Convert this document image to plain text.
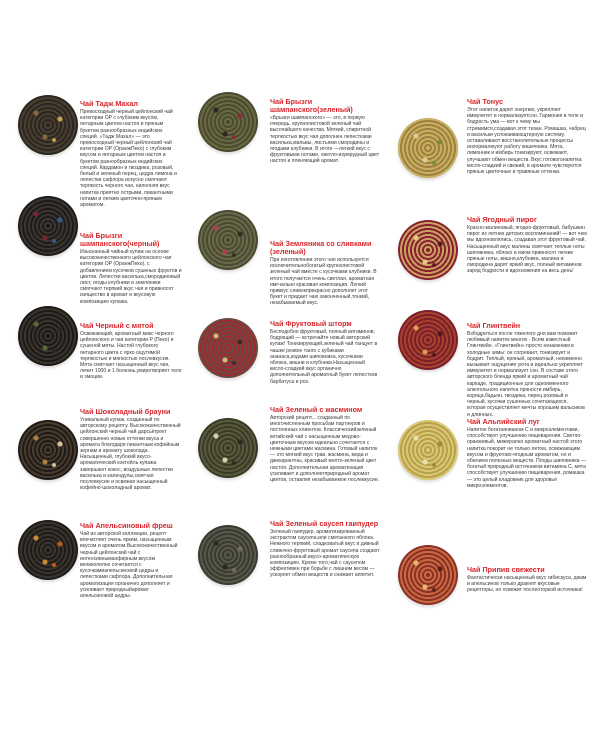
Чай Тадж Махал
Превосходный черный цейлонский чай категории OP с глубоким вкусом, янтарным цветом настоя и пряным букетом разнообразных индийских специй. «Тадж Махал» — это превосходный черный цейлонский чай категории OP (ОранжПеко) с глубоким вкусом и янтарным цветом настоя и букетом разнообразных индийских специй. Кардамон и гвоздика, розовый, белый и зеленый перец, цедра лимона и лепестки сафлора искусно смягчают терпкость черного чая, наполняя вкус напитка приятно острыми, пикантными нотами и легким цветочно-пряным ароматом.
Чай Брызги шампанского(черный)
Изысканный чайный купаж на основе высококачественного цейлонского чая категории OP (ОранжПеко), с добавлением кусочков сушеных фруктов и цветов. Лепестки василька,смородиновый лист, ягоды клубники и земляники смягчают терпкий вкус чая и привносят изящество в аромат и вкусовую композицию купажа.
Чай Черный с мятой
Освежающий, ароматный микс черного цейлонского и чая категории P (Пеко) и сушеной мяты. Настой глубокого янтарного цвета с ярко ощутимой терпкостью и мягкостью послевкусия. Мята смягчает насыщенный вкус чая, лечит 1000 и 1 болезнь,умиротворяет тело и эмоции.
Чай Шоколадный брауни
Уникальный купаж, созданный по авторскому рецепту. Высококачественный цейлонский черный чай дарсьёгрект совершенно новые оттенки вкуса и аромата благодаря пикантным кофейным зернам и аромату шоколада. Насыщенный, глубокий вкусо-ароматический коктейль купажа завершают кокос, воздушные лепестки василька и календулы,смягчая послевкусие и освежая насыщенный кофейно-шоколадный аромат.
Чай Апельсиновый фреш
Чай из авторской коллекции, рецепт впечатляет очень ярким, насыщенным вкусом и ароматом.Высококачественный черный цейлонский чай с интенсивныманфирным вкусом великолепно сочетается с кусочкамиапельсиновой цедры и лепестками сафлора. Дополнительная ароматизация органично дополняет и усиливает природныйаромат апельсиновой цедры.
Чай Брызги шампанского(зеленый)
«Брызги шампанского» — это, в первую очередь, крупнолистовой зеленый чай высочайшего качества. Мягкий, спиритной терпкостью вкус чая дополнен лепестками василька,мальвы, листьями смородины и ягодами клубники. В итоге —легкий вкус с фруктовыми нотами, светло-изумрудный цвет настоя и пленяющий аромат.
Чай Земляника со сливками (зеленый)
При изготовлении этого чая используется исключительнобогатый крупнолистовой зеленый чай вместе с кусочками клубники. В итого получается очень светлая, ароматная имгчально красивая композиция. Легкий привкус сливокпрекрасно дополняет этот букет и придает чаю законченный,тонкий, незабываемый вкус.
Чай Фруктовый шторм
Бесподобно фруктовый, полный витаминов, бодрящий — встречайте новый авторский купаж! Тонизирующий,зеленый чай танцует в чашке резвое танго с кубиками ананаса,кодами шиповника, кусочками яблока, вишни и клубники.Насыщенный кисло-сладкий вкус органично дополнительный ароматный букет лепестков барбатуса и роз.
Чай Зеленый с жасмином
Авторский рецепт... созданный по многочисленным просьбам партнеров и постоянных клиентов. Классическийзеленый китайский чай с насыщенным медово-цветочным вкусом идеально сочетается с нежными цветами жасмина. Готовый напиток — это мягкий вкус трав, жасмина, меда и джекарантны, красивый желто-зеленый цвет настоя. Дополнительная ароматизация усиливает и дополняетприродный аромат цветов, оставляя незабываемое послевкусие.
Чай Зеленый саусеп гаипудер
Зеленый гаипудер, ароматизированный экстрактом саусепа,или сметанного яблока. Нежного терпкий, сладковатый вкус и дивный сливочно-фруктовый аромат саусепа создают разнообразный вкусо-ароматическую композицию. Кроме того,чай с саусепом эффективен при борьбе с лишним весом — ускоряет обмен веществ и снижает аппетит.
Чай Тонус
Этот напиток дарит энергию, укрепляет иммунитет и нормализуетсон. Гармония в теле и бодрость ума — вот к чему мы стремимся,создавая этот тизан. Ромашка, чабрец и васильки успокаивающтерную систему, оставаливают восстанолительные процессы иноормалюуют работу кишечника. Мята, лимонник и имбирь тонизируют, освежают, улучшают обмен веществ. Вкус готовогонапитка кисло-сладкий и свежий, в аромате чувствуются пряные цветочные и травяные оттенки.
Чай Ягодный пирог
Красно-малиновый, ягодно-фруктовый, бабушкин пирог из летних детских воспоминаний! — вот чем мы вдохновлялись, создавая этот фруктовый чай. Насыщенный вкус малины смягчает теплые ноты шиповника, яблоко и изюм привносят легкие пряные ноты, вишня,клубника, малина и смородина дарят яркий вкус, полный витаминов заряд бодрости и вдохновения на весь день!
Чай Глинтвейн
Взбодриться после тяжелого дня вам поможет любимый напиток многих - Всем известный Глинтвейн. «Глинтвейн» просто незаменим в холодные зимы: он согревает, тонизирует и бодрит. Теплый, пряный, ароматный, неизменно вызывает ощущение уюта и идеально укрепляет иммунитет и нормализует сон. В составе этого авторского бленда яркий и ароматный чай каркаде, традиционные для одноименного алкогольного напитка пряности имбирь, корица,бадьян, гвоздика, перец розовый и черный, кусочки сушенных сочетающихся, которая осуществляет мечты хорошим вальсиков и длинных.
Чай Альпийский луг
Напиток богатаянианом С и микроэлементами, способствует улучшению пищеварения. Светло-оранжевый, мижерапно ароматный настой этого напитка покорит не только летом, освежающим вкусом и фруктово-ягодным ароматом, но и обилием полезных веществ. Плоды шиповника — богатый природный источником витамина С, мята способствует улучшению пищеварения, ромашка — это целый кладовник для здоровья микроэлементов.
Чай Припив свежести
Фантастически насыщенный вкус гибискуса, джам и апельсинов только дракнят вкусовые рецепторы, но освежит послеоторкой источника!
